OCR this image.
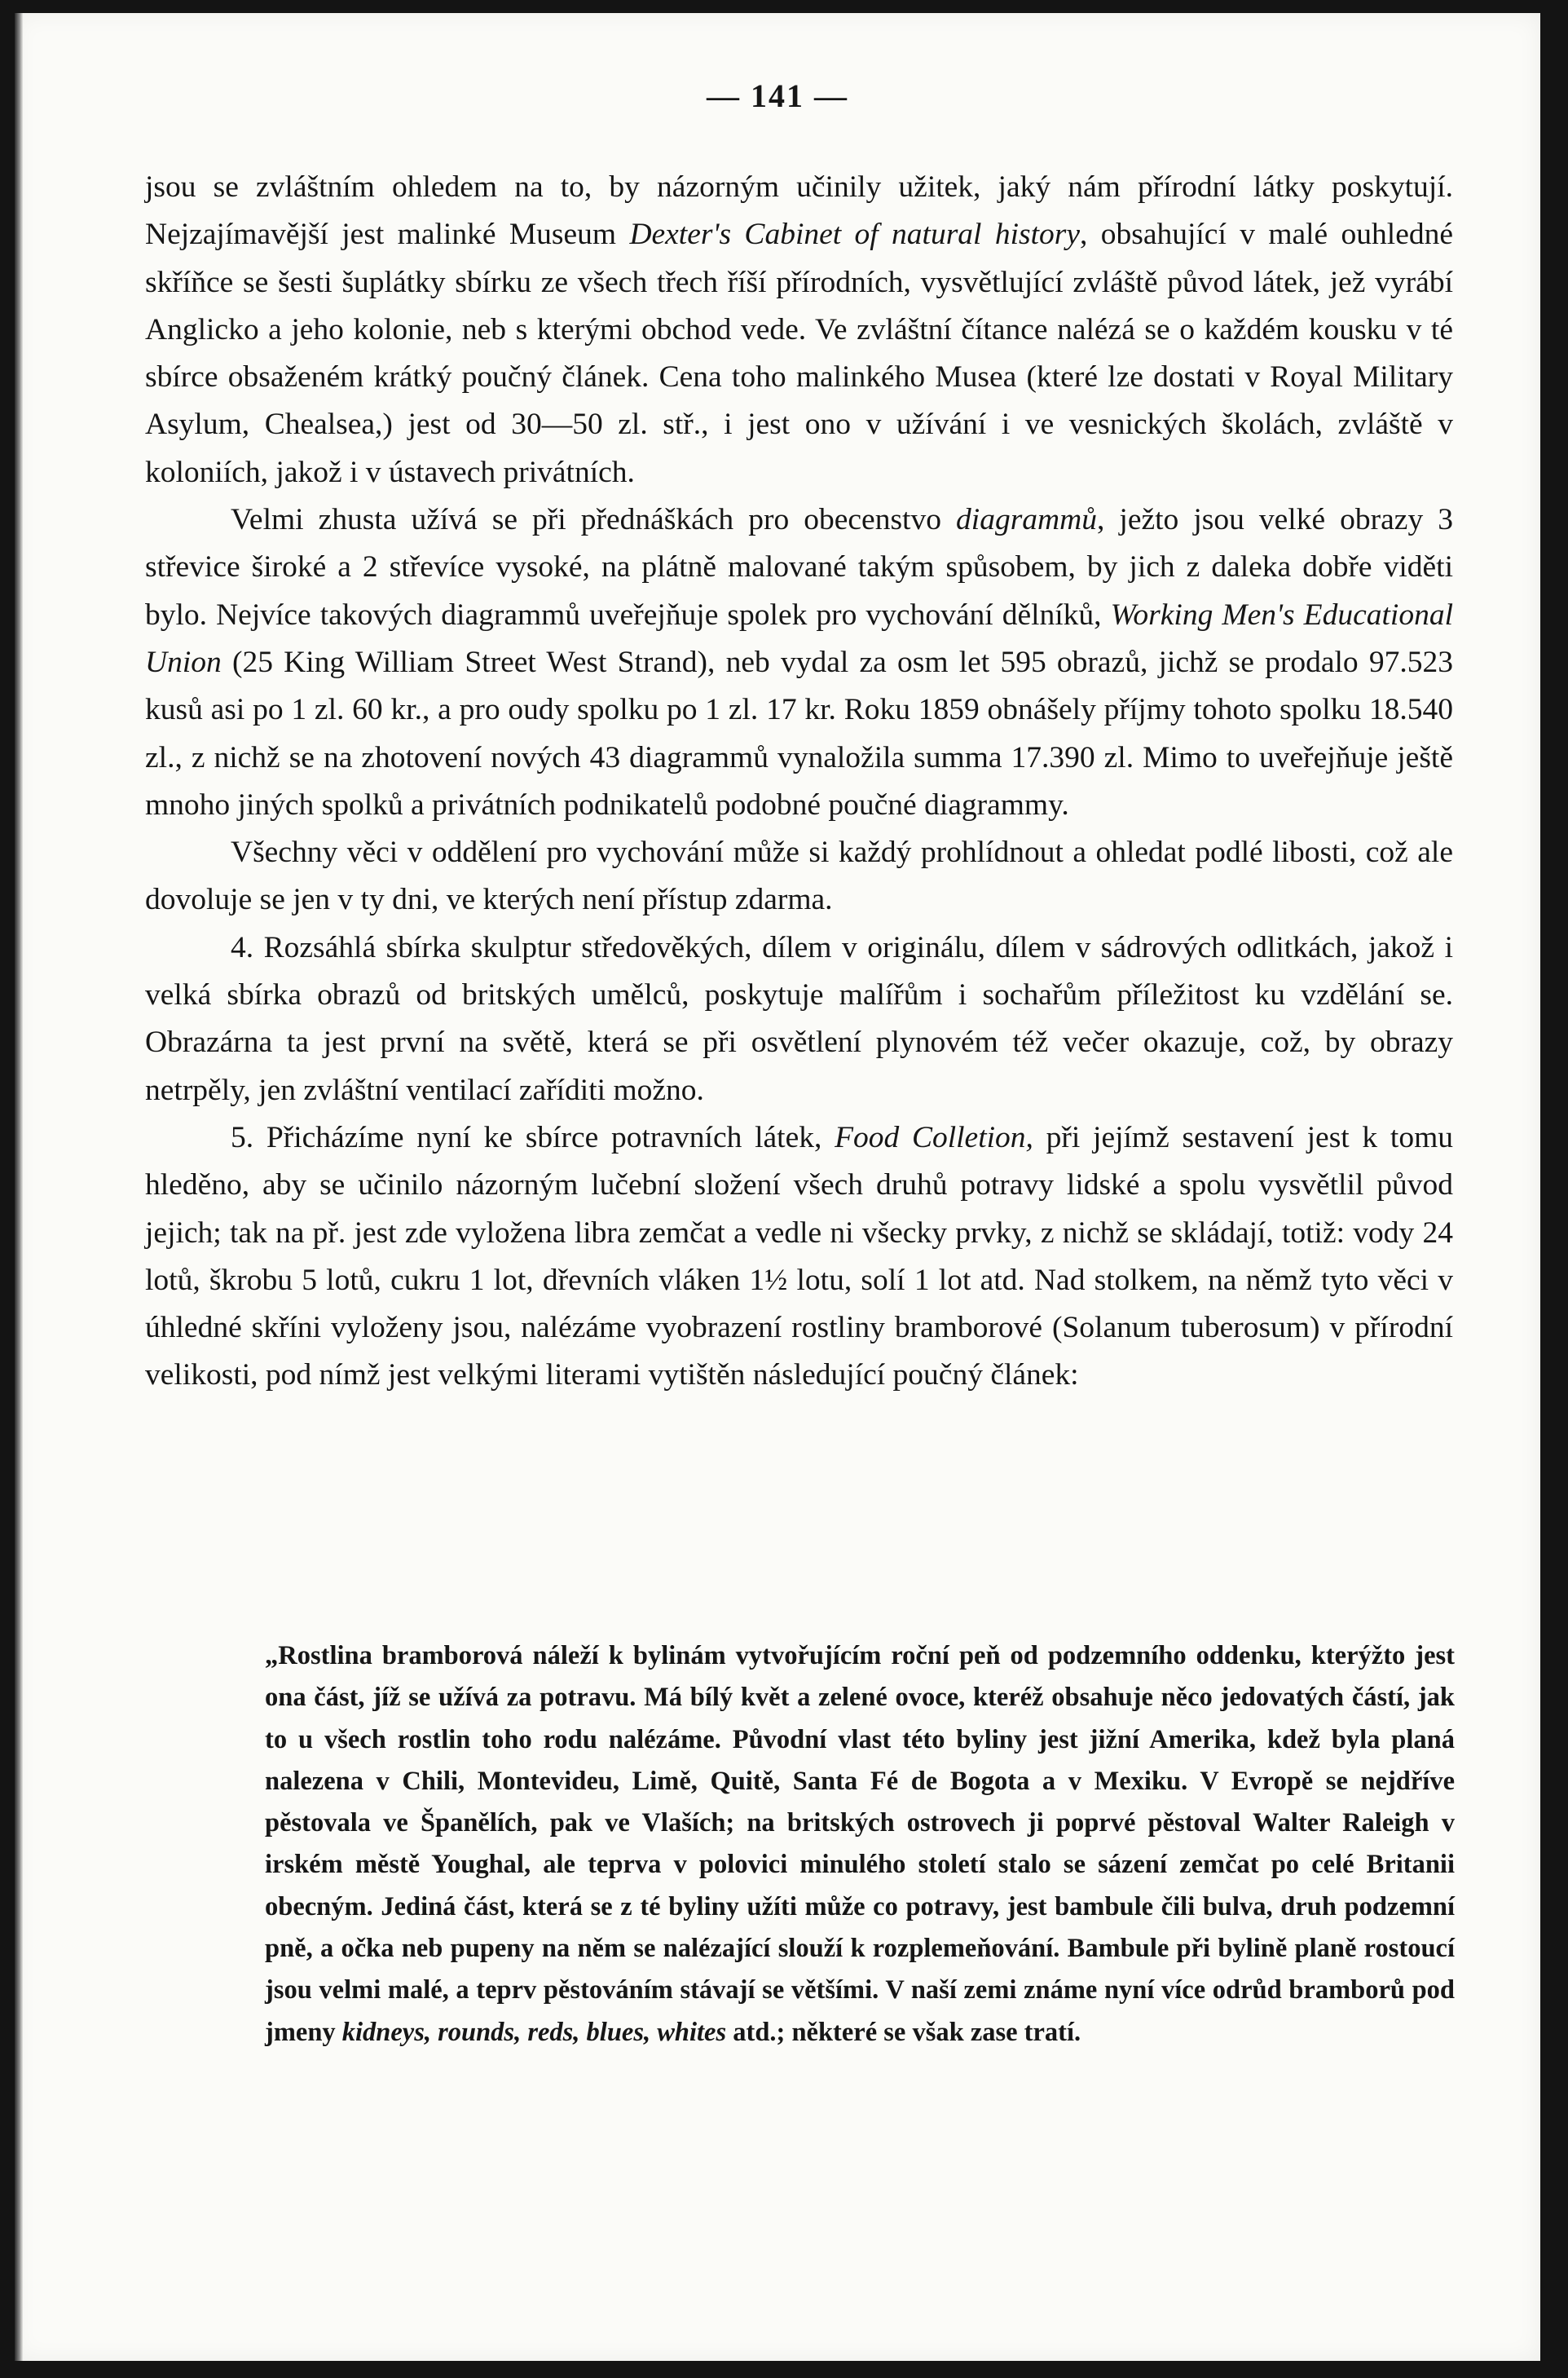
— 141 —

jsou se zvláštním ohledem na to, by názorným učinily užitek, jaký nám přírodní látky poskytují. Nejzajímavější jest malinké Museum Dexter's Cabinet of natural history, obsahující v malé ouhledné skříňce se šesti šuplátky sbírku ze všech třech říší přírodních, vysvětlující zvláště původ látek, jež vyrábí Anglicko a jeho kolonie, neb s kterými obchod vede. Ve zvláštní čítance nalézá se o každém kousku v té sbírce obsaženém krátký poučný článek. Cena toho malinkého Musea (které lze dostati v Royal Military Asylum, Chealsea,) jest od 30—50 zl. stř., i jest ono v užívání i ve vesnických školách, zvláště v koloniích, jakož i v ústavech privátních.

Velmi zhusta užívá se při přednáškách pro obecenstvo diagrammů, ježto jsou velké obrazy 3 střevice široké a 2 střevíce vysoké, na plátně malované takým spůsobem, by jich z daleka dobře viděti bylo. Nejvíce takových diagrammů uveřejňuje spolek pro vychování dělníků, Working Men's Educational Union (25 King William Street West Strand), neb vydal za osm let 595 obrazů, jichž se prodalo 97.523 kusů asi po 1 zl. 60 kr., a pro oudy spolku po 1 zl. 17 kr. Roku 1859 obnášely příjmy tohoto spolku 18.540 zl., z nichž se na zhotovení nových 43 diagrammů vynaložila summa 17.390 zl. Mimo to uveřejňuje ještě mnoho jiných spolků a privátních podnikatelů podobné poučné diagrammy.

Všechny věci v oddělení pro vychování může si každý prohlídnout a ohledat podlé libosti, což ale dovoluje se jen v ty dni, ve kterých není přístup zdarma.

4. Rozsáhlá sbírka skulptur středověkých, dílem v originálu, dílem v sádrových odlitkách, jakož i velká sbírka obrazů od britských umělců, poskytuje malířům i sochařům příležitost ku vzdělání se. Obrazárna ta jest první na světě, která se při osvětlení plynovém též večer okazuje, což, by obrazy netrpěly, jen zvláštní ventilací zaříditi možno.

5. Přicházíme nyní ke sbírce potravních látek, Food Colletion, při jejímž sestavení jest k tomu hleděno, aby se učinilo názorným lučební složení všech druhů potravy lidské a spolu vysvětlil původ jejich; tak na př. jest zde vyložena libra zemčat a vedle ni všecky prvky, z nichž se skládají, totiž: vody 24 lotů, škrobu 5 lotů, cukru 1 lot, dřevních vláken 1½ lotu, solí 1 lot atd. Nad stolkem, na němž tyto věci v úhledné skříni vyloženy jsou, nalézáme vyobrazení rostliny bramborové (Solanum tuberosum) v přírodní velikosti, pod nímž jest velkými literami vytištěn následující poučný článek:

„Rostlina bramborová náleží k bylinám vytvořujícím roční peň od podzemního oddenku, kterýžto jest ona část, jíž se užívá za potravu. Má bílý květ a zelené ovoce, kteréž obsahuje něco jedovatých částí, jak to u všech rostlin toho rodu nalézáme. Původní vlast této byliny jest jižní Amerika, kdež byla planá nalezena v Chili, Montevideu, Limě, Quitě, Santa Fé de Bogota a v Mexiku. V Evropě se nejdříve pěstovala ve Španělích, pak ve Vlaších; na britských ostrovech ji poprvé pěstoval Walter Raleigh v irském městě Youghal, ale teprva v polovici minulého století stalo se sázení zemčat po celé Britanii obecným. Jediná část, která se z té byliny užíti může co potravy, jest bambule čili bulva, druh podzemní pně, a očka neb pupeny na něm se nalézající slouží k rozplemeňování. Bambule při bylině planě rostoucí jsou velmi malé, a teprv pěstováním stávají se většími. V naší zemi známe nyní více odrůd bramborů pod jmeny kidneys, rounds, reds, blues, whites atd.; některé se však zase tratí.
